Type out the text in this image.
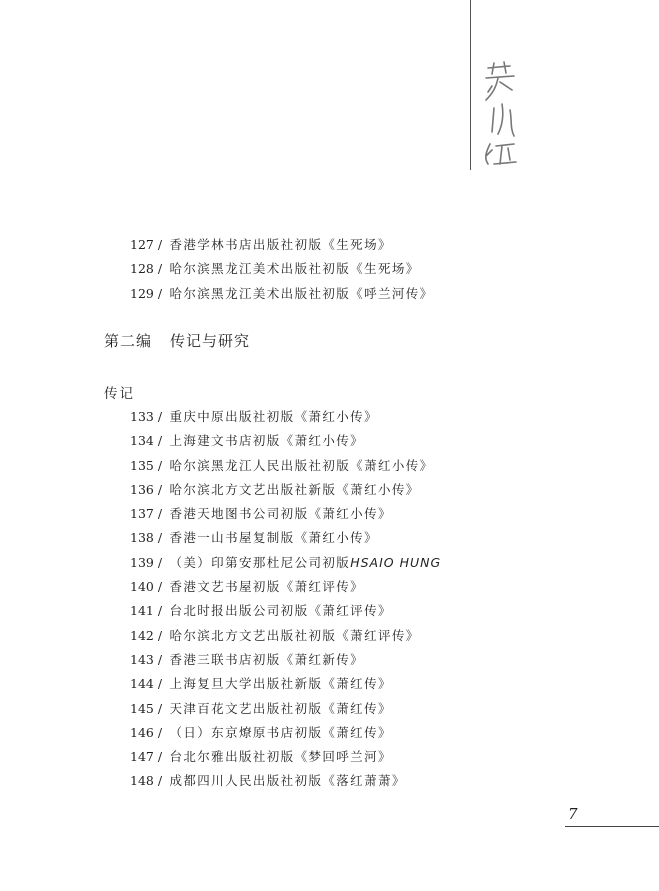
127 / 香港学林书店出版社初版《生死场》
128 / 哈尔滨黑龙江美术出版社初版《生死场》
129 / 哈尔滨黑龙江美术出版社初版《呼兰河传》
第二编 传记与研究
传记
133 / 重庆中原出版社初版《萧红小传》
134 / 上海建文书店初版《萧红小传》
135 / 哈尔滨黑龙江人民出版社初版《萧红小传》
136 / 哈尔滨北方文艺出版社新版《萧红小传》
137 / 香港天地图书公司初版《萧红小传》
138 / 香港一山书屋复制版《萧红小传》
139 / （美）印第安那杜尼公司初版HSAIO HUNG
140 / 香港文艺书屋初版《萧红评传》
141 / 台北时报出版公司初版《萧红评传》
142 / 哈尔滨北方文艺出版社初版《萧红评传》
143 / 香港三联书店初版《萧红新传》
144 / 上海复旦大学出版社新版《萧红传》
145 / 天津百花文艺出版社初版《萧红传》
146 / （日）东京燎原书店初版《萧红传》
147 / 台北尔雅出版社初版《梦回呼兰河》
148 / 成都四川人民出版社初版《落红萧萧》
7
